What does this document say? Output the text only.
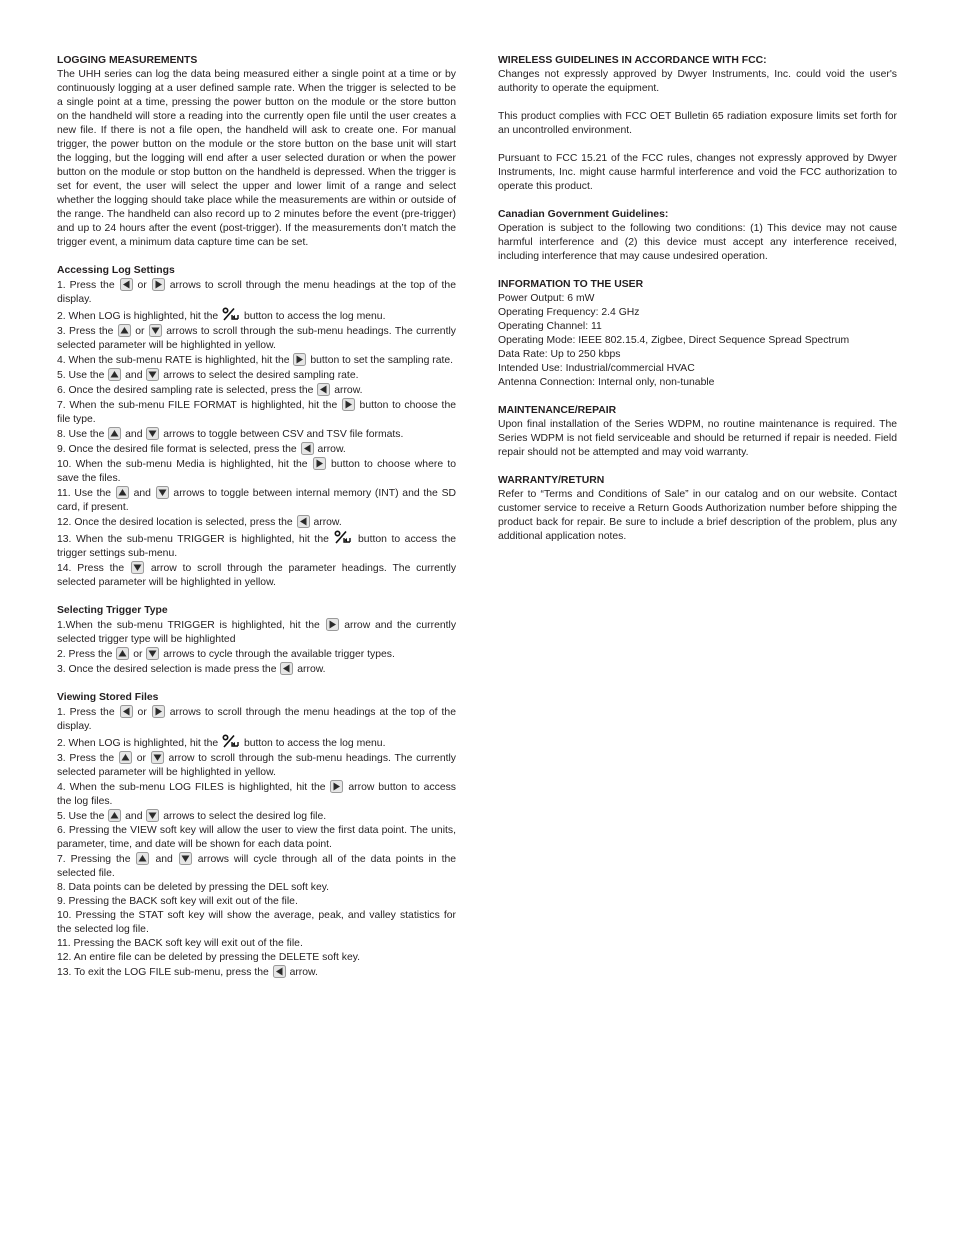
LOGGING MEASUREMENTS
The UHH series can log the data being measured either a single point at a time or by continuously logging at a user defined sample rate. When the trigger is selected to be a single point at a time, pressing the power button on the module or the store button on the handheld will store a reading into the currently open file until the user creates a new file. If there is not a file open, the handheld will ask to create one. For manual trigger, the power button on the module or the store button on the base unit will start the logging, but the logging will end after a user selected duration or when the power button on the module or stop button on the handheld is depressed. When the trigger is set for event, the user will select the upper and lower limit of a range and select whether the logging should take place while the measurements are within or outside of the range. The handheld can also record up to 2 minutes before the event (pre-trigger) and up to 24 hours after the event (post-trigger). If the measurements don’t match the trigger event, a minimum data capture time can be set.
Accessing Log Settings
1. Press the or arrows to scroll through the menu headings at the top of the display.
2. When LOG is highlighted, hit the button to access the log menu.
3. Press the or arrows to scroll through the sub-menu headings. The currently selected parameter will be highlighted in yellow.
4. When the sub-menu RATE is highlighted, hit the button to set the sampling rate.
5. Use the and arrows to select the desired sampling rate.
6. Once the desired sampling rate is selected, press the arrow.
7. When the sub-menu FILE FORMAT is highlighted, hit the button to choose the file type.
8. Use the and arrows to toggle between CSV and TSV file formats.
9. Once the desired file format is selected, press the arrow.
10. When the sub-menu Media is highlighted, hit the button to choose where to save the files.
11. Use the and arrows to toggle between internal memory (INT) and the SD card, if present.
12. Once the desired location is selected, press the arrow.
13. When the sub-menu TRIGGER is highlighted, hit the	button to access the trigger settings sub-menu.
14. Press the	arrow to scroll through the parameter headings. The currently selected parameter will be highlighted in yellow.
Selecting Trigger Type
1.When the sub-menu TRIGGER is highlighted, hit the arrow and the currently selected trigger type will be highlighted
2. Press the or arrows to cycle through the available trigger types.
3. Once the desired selection is made press the arrow.
Viewing Stored Files
1. Press the or arrows to scroll through the menu headings at the top of the display.
2. When LOG is highlighted, hit the button to access the log menu.
3. Press the or arrow to scroll through the sub-menu headings. The currently selected parameter will be highlighted in yellow.
4. When the sub-menu LOG FILES is highlighted, hit the arrow button to access the log files.
5. Use the and arrows to select the desired log file.
6. Pressing the VIEW soft key will allow the user to view the first data point. The units, parameter, time, and date will be shown for each data point.
7. Pressing the and arrows will cycle through all of the data points in the selected file.
8. Data points can be deleted by pressing the DEL soft key.
9. Pressing the BACK soft key will exit out of the file.
10. Pressing the STAT soft key will show the average, peak, and valley statistics for the selected log file.
11. Pressing the BACK soft key will exit out of the file.
12. An entire file can be deleted by pressing the DELETE soft key.
13. To exit the LOG FILE sub-menu, press the arrow.
WIRELESS GUIDELINES IN ACCORDANCE WITH FCC:
Changes not expressly approved by Dwyer Instruments, Inc. could void the user's authority to operate the equipment.
This product complies with FCC OET Bulletin 65 radiation exposure limits set forth for an uncontrolled environment.
Pursuant to FCC 15.21 of the FCC rules, changes not expressly approved by Dwyer Instruments, Inc. might cause harmful interference and void the FCC authorization to operate this product.
Canadian Government Guidelines:
Operation is subject to the following two conditions: (1) This device may not cause harmful interference and (2) this device must accept any interference received, including interference that may cause undesired operation.
INFORMATION TO THE USER
Power Output: 6 mW
Operating Frequency: 2.4 GHz
Operating Channel: 11
Operating Mode: IEEE 802.15.4, Zigbee, Direct Sequence Spread Spectrum
Data Rate: Up to 250 kbps
Intended Use: Industrial/commercial HVAC
Antenna Connection: Internal only, non-tunable
MAINTENANCE/REPAIR
Upon final installation of the Series WDPM, no routine maintenance is required. The Series WDPM is not field serviceable and should be returned if repair is needed. Field repair should not be attempted and may void warranty.
WARRANTY/RETURN
Refer to “Terms and Conditions of Sale” in our catalog and on our website. Contact customer service to receive a Return Goods Authorization number before shipping the product back for repair. Be sure to include a brief description of the problem, plus any additional application notes.
